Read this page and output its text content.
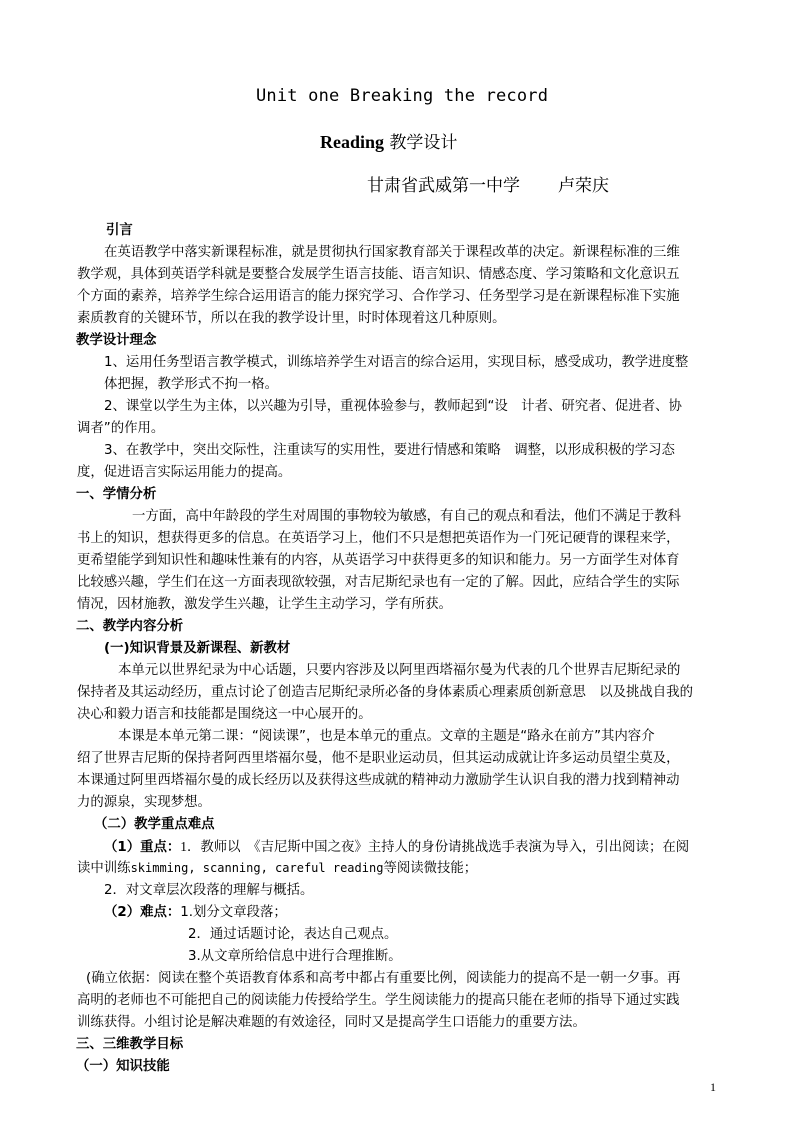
Unit one Breaking the record
Reading 教学设计
甘肃省武威第一中学 卢荣庆
引言
在英语教学中落实新课程标准，就是贯彻执行国家教育部关于课程改革的决定。新课程标准的三维
教学观，具体到英语学科就是要整合发展学生语言技能、语言知识、情感态度、学习策略和文化意识五
个方面的素养，培养学生综合运用语言的能力探究学习、合作学习、任务型学习是在新课程标准下实施
素质教育的关键环节，所以在我的教学设计里，时时体现着这几种原则。
教学设计理念
1、运用任务型语言教学模式，训练培养学生对语言的综合运用，实现目标，感受成功，教学进度整
体把握，教学形式不拘一格。
2、课堂以学生为主体，以兴趣为引导，重视体验参与，教师起到“设　计者、研究者、促进者、协
调者”的作用。
3、在教学中，突出交际性，注重读写的实用性，要进行情感和策略　调整，以形成积极的学习态
度，促进语言实际运用能力的提高。
一、学情分析
一方面，高中年龄段的学生对周围的事物较为敏感，有自己的观点和看法，他们不满足于教科
书上的知识，想获得更多的信息。在英语学习上，他们不只是想把英语作为一门死记硬背的课程来学，
更希望能学到知识性和趣味性兼有的内容，从英语学习中获得更多的知识和能力。另一方面学生对体育
比较感兴趣，学生们在这一方面表现欲较强，对吉尼斯纪录也有一定的了解。因此，应结合学生的实际
情况，因材施教，激发学生兴趣，让学生主动学习，学有所获。
二、教学内容分析
(一)知识背景及新课程、新教材
本单元以世界纪录为中心话题，只要内容涉及以阿里西塔福尔曼为代表的几个世界吉尼斯纪录的
保持者及其运动经历，重点讨论了创造吉尼斯纪录所必备的身体素质心理素质创新意思　以及挑战自我的
决心和毅力语言和技能都是围绕这一中心展开的。
本课是本单元第二课：“阅读课”，也是本单元的重点。文章的主题是“路永在前方”其内容介
绍了世界吉尼斯的保持者阿西里塔福尔曼，他不是职业运动员，但其运动成就让许多运动员望尘莫及，
本课通过阿里西塔福尔曼的成长经历以及获得这些成就的精神动力激励学生认识自我的潜力找到精神动
力的源泉，实现梦想。
（二）教学重点难点
（1）重点：1．教师以　《吉尼斯中国之夜》主持人的身份请挑战选手表演为导入，引出阅读；在阅
读中训练skimming, scanning, careful reading等阅读微技能；
2．对文章层次段落的理解与概括。
（2）难点：1.划分文章段落；
2．通过话题讨论，表达自己观点。
3.从文章所给信息中进行合理推断。
(确立依据：阅读在整个英语教育体系和高考中都占有重要比例，阅读能力的提高不是一朝一夕事。再
高明的老师也不可能把自己的阅读能力传授给学生。学生阅读能力的提高只能在老师的指导下通过实践
训练获得。小组讨论是解决难题的有效途径，同时又是提高学生口语能力的重要方法。
三、三维教学目标
（一）知识技能
1
